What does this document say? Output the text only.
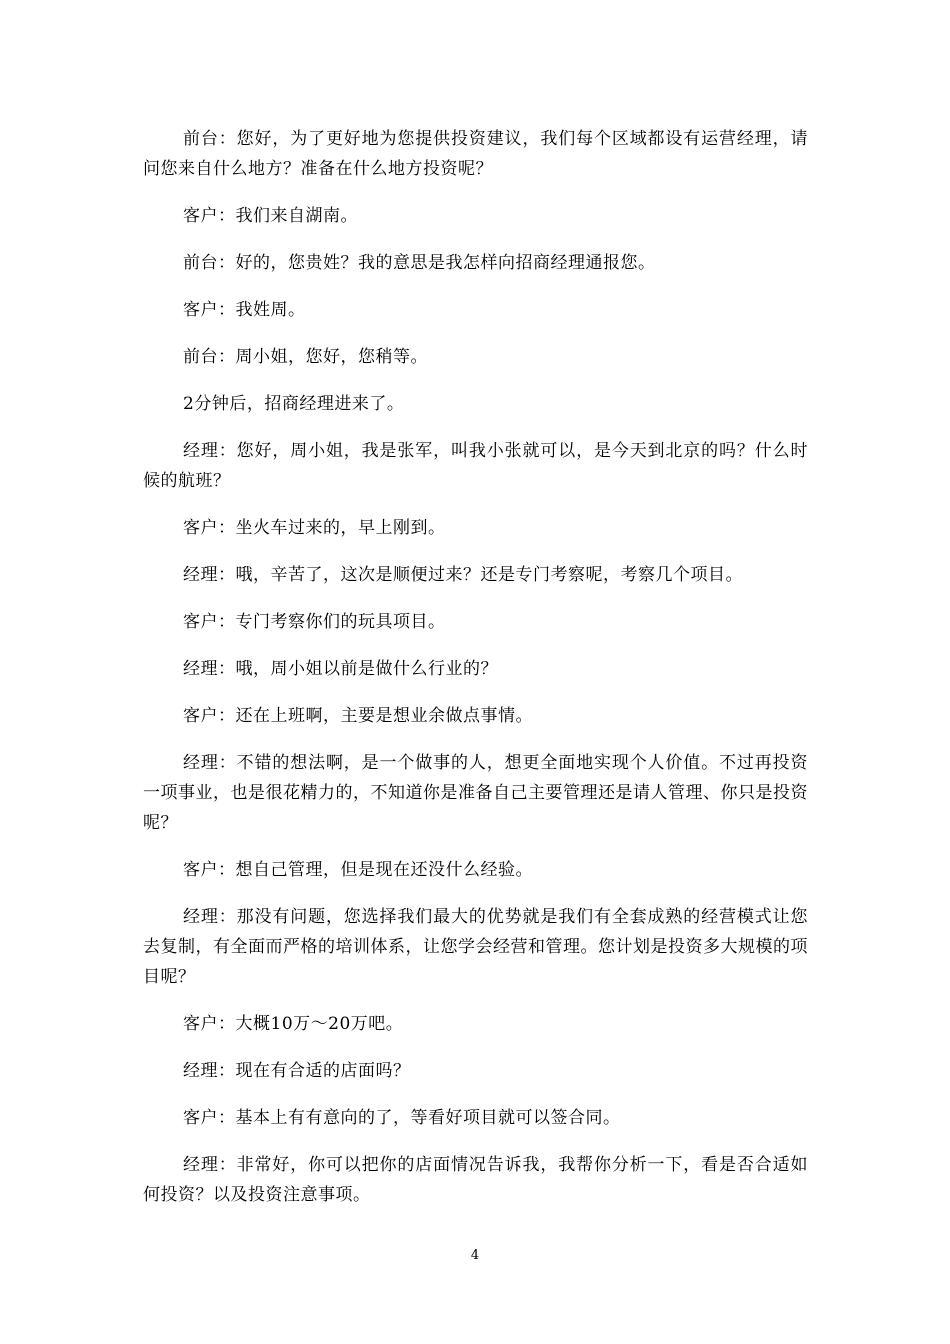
前台：您好，为了更好地为您提供投资建议，我们每个区域都设有运营经理，请问您来自什么地方？准备在什么地方投资呢？

客户：我们来自湖南。

前台：好的，您贵姓？我的意思是我怎样向招商经理通报您。

客户：我姓周。

前台：周小姐，您好，您稍等。

2分钟后，招商经理进来了。

经理：您好，周小姐，我是张军，叫我小张就可以，是今天到北京的吗？什么时候的航班？

客户：坐火车过来的，早上刚到。

经理：哦，辛苦了，这次是顺便过来？还是专门考察呢，考察几个项目。

客户：专门考察你们的玩具项目。

经理：哦，周小姐以前是做什么行业的？

客户：还在上班啊，主要是想业余做点事情。

经理：不错的想法啊，是一个做事的人，想更全面地实现个人价值。不过再投资一项事业，也是很花精力的，不知道你是准备自己主要管理还是请人管理、你只是投资呢？

客户：想自己管理，但是现在还没什么经验。

经理：那没有问题，您选择我们最大的优势就是我们有全套成熟的经营模式让您去复制，有全面而严格的培训体系，让您学会经营和管理。您计划是投资多大规模的项目呢？

客户：大概10万～20万吧。

经理：现在有合适的店面吗？

客户：基本上有有意向的了，等看好项目就可以签合同。

经理：非常好，你可以把你的店面情况告诉我，我帮你分析一下，看是否合适如何投资？以及投资注意事项。

4
